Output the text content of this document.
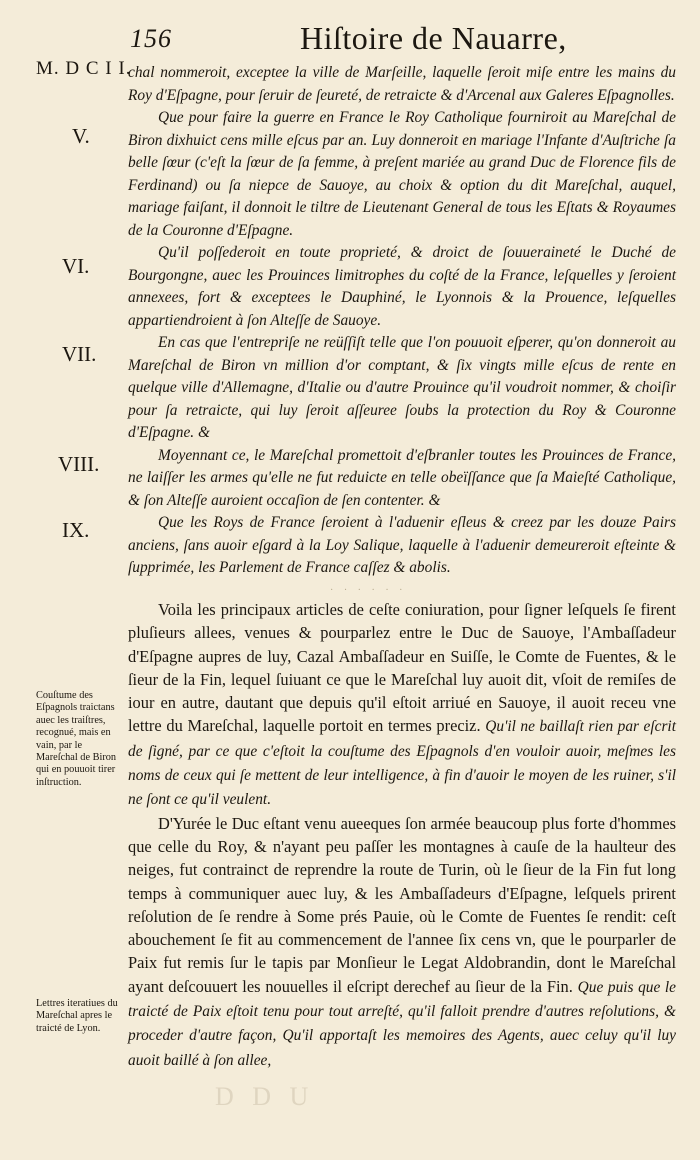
156	Hiſtoire de Nauarre,
M. D C I I.
V.
VI.
VII.
VIII.
IX.

chal nommeroit, exceptee la ville de Marſeille, laquelle ſeroit miſe entre les mains du Roy d'Eſpagne, pour ſeruir de ſeureté, de retraicte & d'Arcenal aux Galeres Eſpagnolles.

Que pour faire la guerre en France le Roy Catholique fourniroit au Mareſchal de Biron dixhuict cens mille eſcus par an. Luy donneroit en mariage l'Infante d'Auſtriche ſa belle ſœur (c'eſt la ſœur de ſa femme, à preſent mariée au grand Duc de Florence fils de Ferdinand) ou ſa niepce de Sauoye, au choix & option du dit Mareſchal, auquel, mariage faiſant, il donnoit le tiltre de Lieutenant General de tous les Eſtats & Royaumes de la Couronne d'Eſpagne.

Qu'il poſſederoit en toute proprieté, & droict de ſouueraineté le Duché de Bourgongne, auec les Prouinces limitrophes du coſté de la France, leſquelles y ſeroient annexees, fort & exceptees le Dauphiné, le Lyonnois & la Prouence, leſquelles appartiendroient à ſon Alteſſe de Sauoye.

En cas que l'entrepriſe ne reüſſiſt telle que l'on pouuoit eſperer, qu'on donneroit au Mareſchal de Biron vn million d'or comptant, & ſix vingts mille eſcus de rente en quelque ville d'Allemagne, d'Italie ou d'autre Prouince qu'il voudroit nommer, & choiſir pour ſa retraicte, qui luy ſeroit aſſeuree ſoubs la protection du Roy & Couronne d'Eſpagne. &

Moyennant ce, le Mareſchal promettoit d'eſbranler toutes les Prouinces de France, ne laiſſer les armes qu'elle ne fut reduicte en telle obeïſſance que ſa Maieſté Catholique, & ſon Alteſſe auroient occaſion de ſen contenter. &

Que les Roys de France ſeroient à l'aduenir eſleus & creez par les douze Pairs anciens, ſans auoir eſgard à la Loy Salique, laquelle à l'aduenir demeureroit eſteinte & ſupprimée, les Parlement de France caſſez & abolis.

· · · · · ·

Voila les principaux articles de ceſte coniuration, pour ſigner leſquels ſe firent pluſieurs allees, venues & pourparlez entre le Duc de Sauoye, l'Ambaſſadeur d'Eſpagne aupres de luy, Cazal Ambaſſadeur en Suiſſe, le Comte de Fuentes, & le ſieur de la Fin, lequel ſuiuant ce que le Mareſchal luy auoit dit, vſoit de remiſes de iour en autre, dautant que depuis qu'il eſtoit arriué en Sauoye, il auoit receu vne lettre du Mareſchal, laquelle portoit en termes preciz. Qu'il ne baillaſt rien par eſcrit de ſigné, par ce que c'eſtoit la couſtume des Eſpagnols d'en vouloir auoir, meſmes les noms de ceux qui ſe mettent de leur intelligence, à fin d'auoir le moyen de les ruiner, s'il ne ſont ce qu'il veulent.

D'Yurée le Duc eſtant venu aueeques ſon armée beaucoup plus forte d'hommes que celle du Roy, & n'ayant peu paſſer les montagnes à cauſe de la haulteur des neiges, fut contrainct de reprendre la route de Turin, où le ſieur de la Fin fut long temps à communiquer auec luy, & les Ambaſſadeurs d'Eſpagne, leſquels prirent reſolution de ſe rendre à Some prés Pauie, où le Comte de Fuentes ſe rendit: ceſt abouchement ſe fit au commencement de l'annee ſix cens vn, que le pourparler de Paix fut remis ſur le tapis par Monſieur le Legat Aldobrandin, dont le Mareſchal ayant deſcouuert les nouuelles il eſcript derechef au ſieur de la Fin. Que puis que le traicté de Paix eſtoit tenu pour tout arreſté, qu'il falloit prendre d'autres reſolutions, & proceder d'autre façon, Qu'il apportaſt les memoires des Agents, auec celuy qu'il luy auoit baillé à ſon allee,

Couſtume des Eſpagnols traictans auec les traiſtres, recognué, mais en vain, par le Mareſchal de Biron qui en pouuoit tirer inſtruction.
Lettres iteratiues du Mareſchal apres le traicté de Lyon.
D D U
